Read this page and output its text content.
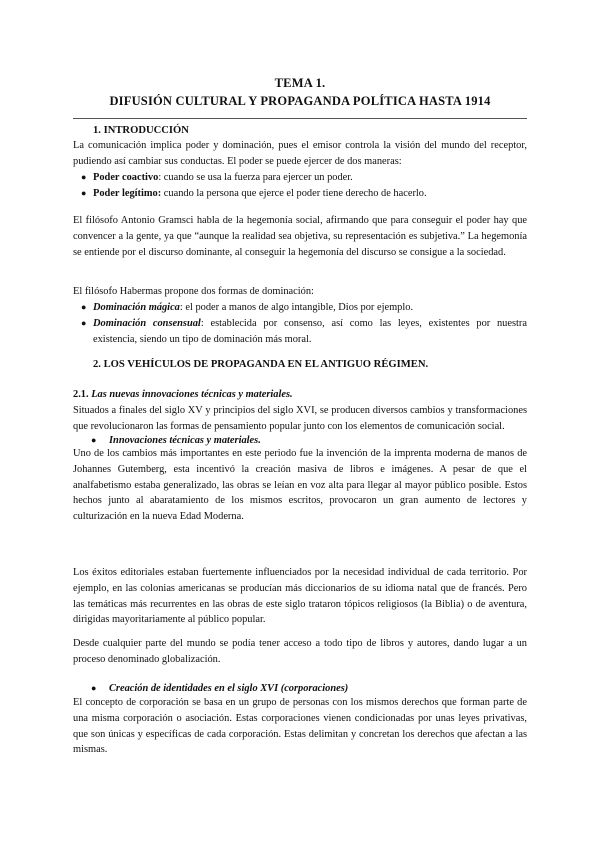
TEMA 1.
DIFUSIÓN CULTURAL Y PROPAGANDA POLÍTICA HASTA 1914
1. INTRODUCCIÓN

La comunicación implica poder y dominación, pues el emisor controla la visión del mundo del receptor, pudiendo así cambiar sus conductas. El poder se puede ejercer de dos maneras:

● Poder coactivo: cuando se usa la fuerza para ejercer un poder.

● Poder legítimo: cuando la persona que ejerce el poder tiene derecho de hacerlo.

El filósofo Antonio Gramsci habla de la hegemonía social, afirmando que para conseguir el poder hay que convencer a la gente, ya que “aunque la realidad sea objetiva, su representación es subjetiva.” La hegemonía se entiende por el discurso dominante, al conseguir la hegemonía del discurso se consigue a la sociedad.

El filósofo Habermas propone dos formas de dominación:

● Dominación mágica: el poder a manos de algo intangible, Dios por ejemplo.

● Dominación consensual: establecida por consenso, así como las leyes, existentes por nuestra existencia, siendo un tipo de dominación más moral.

2. LOS VEHÍCULOS DE PROPAGANDA EN EL ANTIGUO RÉGIMEN.
2.1. Las nuevas innovaciones técnicas y materiales.

Situados a finales del siglo XV y principios del siglo XVI, se producen diversos cambios y transformaciones que revolucionaron las formas de pensamiento popular junto con los elementos de comunicación social.

● Innovaciones técnicas y materiales.

Uno de los cambios más importantes en este periodo fue la invención de la imprenta moderna de manos de Johannes Gutemberg, esta incentivó la creación masiva de libros e imágenes. A pesar de que el analfabetismo estaba generalizado, las obras se leían en voz alta para llegar al mayor público posible. Estos hechos junto al abaratamiento de los mismos escritos, provocaron un gran aumento de lectores y culturización en la nueva Edad Moderna.

Los éxitos editoriales estaban fuertemente influenciados por la necesidad individual de cada territorio. Por ejemplo, en las colonias americanas se producían más diccionarios de su idioma natal que de francés. Pero las temáticas más recurrentes en las obras de este siglo trataron tópicos religiosos (la Biblia) o de aventura, dirigidas mayoritariamente al público popular.

Desde cualquier parte del mundo se podía tener acceso a todo tipo de libros y autores, dando lugar a un proceso denominado globalización.

● Creación de identidades en el siglo XVI (corporaciones)

El concepto de corporación se basa en un grupo de personas con los mismos derechos que forman parte de una misma corporación o asociación. Estas corporaciones vienen condicionadas por unas leyes privativas, que son únicas y específicas de cada corporación. Estas delimitan y concretan los derechos que afectan a las mismas.
